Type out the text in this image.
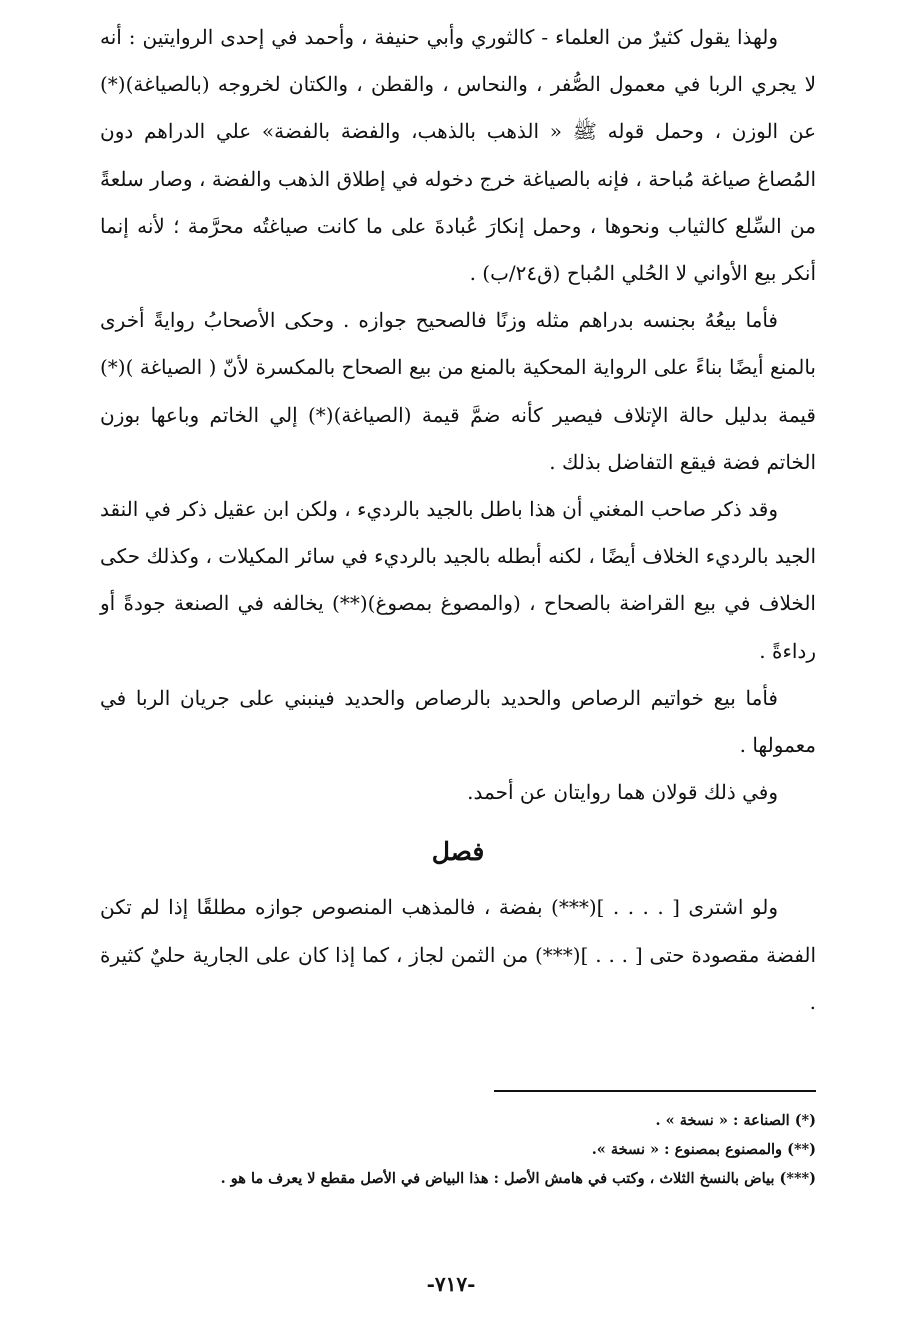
ولهذا يقول كثيرٌ من العلماء - كالثوري وأبي حنيفة ، وأحمد في إحدى الروايتين : أنه لا يجري الربا في معمول الصُّفر ، والنحاس ، والقطن ، والكتان لخروجه (بالصياغة)(*) عن الوزن ، وحمل قوله ﷺ « الذهب بالذهب، والفضة بالفضة» علي الدراهم دون المُصاغ صياغة مُباحة ، فإنه بالصياغة خرج دخوله في إطلاق الذهب والفضة ، وصار سلعةً من السِّلع كالثياب ونحوها ، وحمل إنكارَ عُبادةَ على ما كانت صياغتُه محرَّمة ؛ لأنه إنما أنكر بيع الأواني لا الحُلي المُباح (ق٢٤/ب) .

فأما بيعُهُ بجنسه بدراهم مثله وزنًا فالصحيح جوازه . وحكى الأصحابُ روايةً أخرى بالمنع أيضًا بناءً على الرواية المحكية بالمنع من بيع الصحاح بالمكسرة لأنّ ( الصياغة )(*) قيمة بدليل حالة الإتلاف فيصير كأنه ضمَّ قيمة (الصياغة)(*) إلي الخاتم وباعها بوزن الخاتم فضة فيقع التفاضل بذلك .

وقد ذكر صاحب المغني أن هذا باطل بالجيد بالرديء ، ولكن ابن عقيل ذكر في النقد الجيد بالرديء الخلاف أيضًا ، لكنه أبطله بالجيد بالرديء في سائر المكيلات ، وكذلك حكى الخلاف في بيع القراضة بالصحاح ، (والمصوغ بمصوغ)(**) يخالفه في الصنعة جودةً أو رداءةً .

فأما بيع خواتيم الرصاص والحديد بالرصاص والحديد فينبني على جريان الربا في معمولها .

وفي ذلك قولان هما روايتان عن أحمد.

فصل

ولو اشترى [ . . . . ](***) بفضة ، فالمذهب المنصوص جوازه مطلقًا إذا لم تكن الفضة مقصودة حتى [ . . . ](***) من الثمن لجاز ، كما إذا كان على الجارية حليٌ كثيرة .

(*) الصناعة : « نسخة » .

(**) والمصنوع بمصنوع : « نسخة ».

(***) بياض بالنسخ الثلاث ، وكتب في هامش الأصل : هذا البياض في الأصل مقطع لا يعرف ما هو .

-٧١٧-
